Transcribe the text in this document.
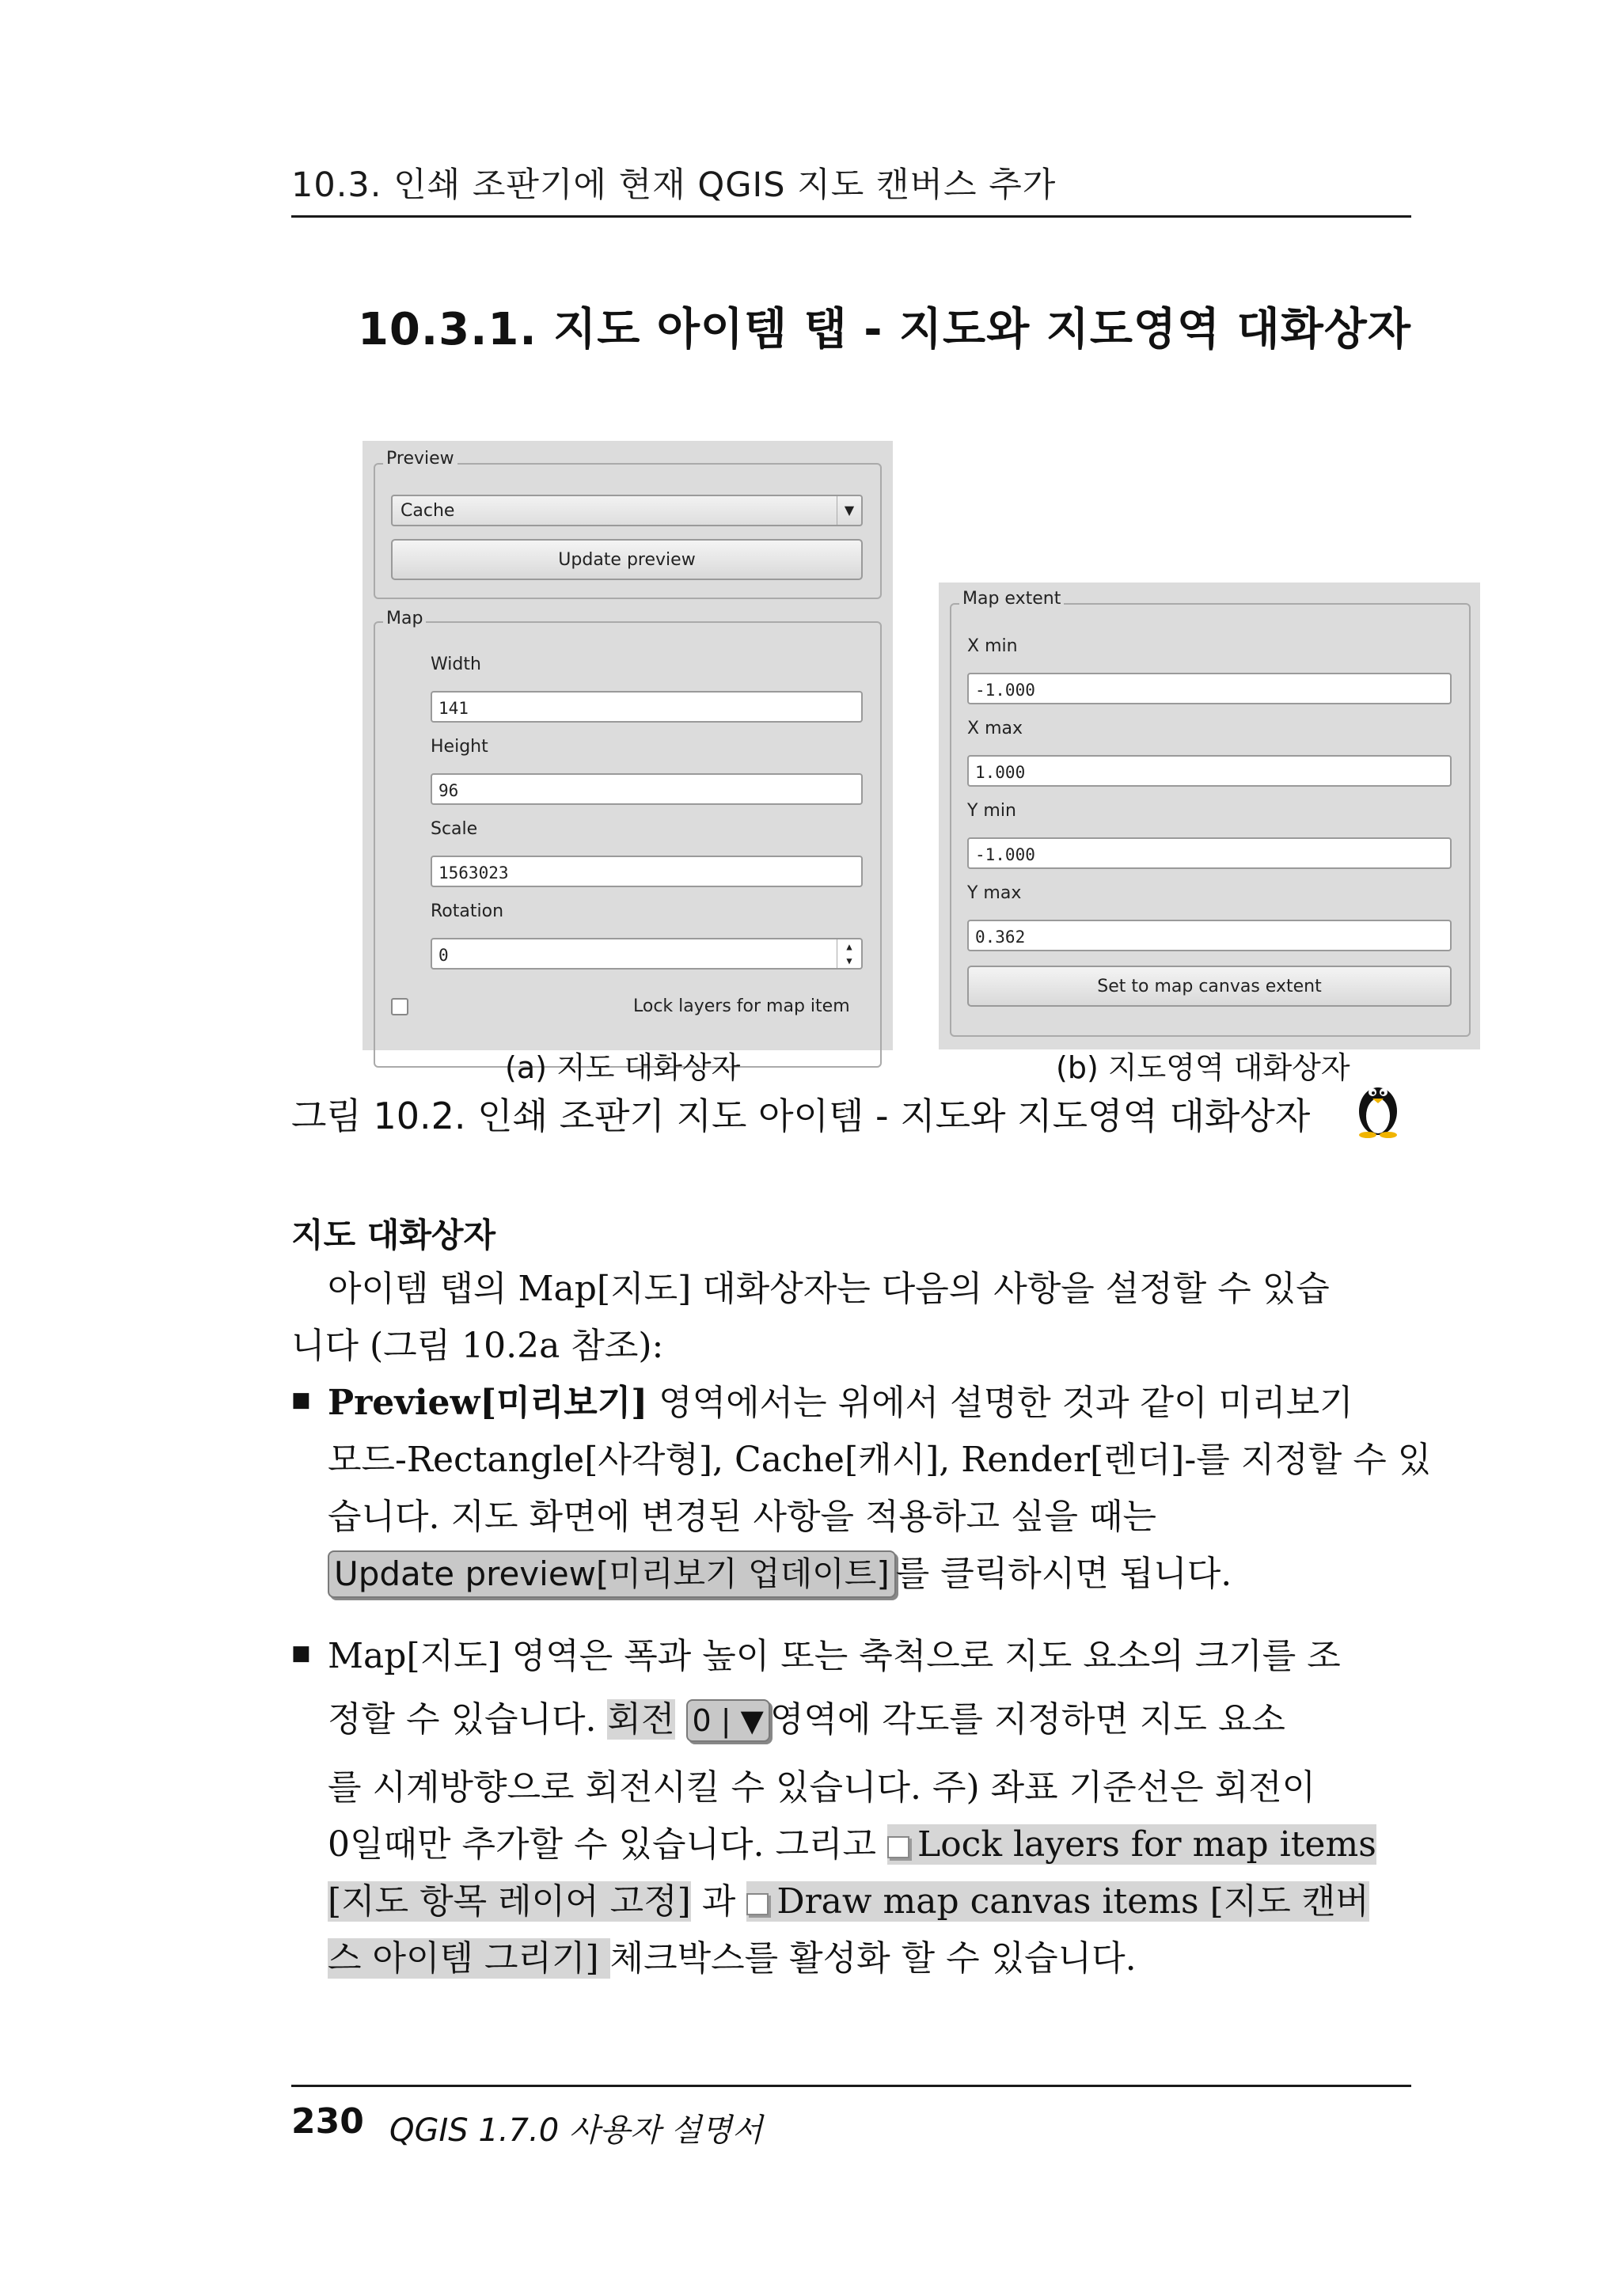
10.3. 인쇄 조판기에 현재 QGIS 지도 캔버스 추가
10.3.1. 지도 아이템 탭 - 지도와 지도영역 대화상자
Preview
Cache	▼
Update preview
Map
Width
141
Height
96
Scale
1563023
Rotation
0	▲
▼
Lock layers for map item
Map extent
X min
-1.000
X max
1.000
Y min
-1.000
Y max
0.362
Set to map canvas extent
(a) 지도 대화상자	(b) 지도영역 대화상자
그림 10.2. 인쇄 조판기 지도 아이템 - 지도와 지도영역 대화상자
지도 대화상자
아이템 탭의 Map[지도] 대화상자는 다음의 사항을 설정할 수 있습
니다 (그림 10.2a 참조):
■ Preview[미리보기] 영역에서는 위에서 설명한 것과 같이 미리보기
모드-Rectangle[사각형], Cache[캐시], Render[렌더]-를 지정할 수 있
습니다. 지도 화면에 변경된 사항을 적용하고 싶을 때는
Update preview[미리보기 업데이트] 를 클릭하시면 됩니다.
■ Map[지도] 영역은 폭과 높이 또는 축척으로 지도 요소의 크기를 조
정할 수 있습니다. 회전 0 | ▼ 영역에 각도를 지정하면 지도 요소
를 시계방향으로 회전시킬 수 있습니다. 주) 좌표 기준선은 회전이
0일때만 추가할 수 있습니다. 그리고 Lock layers for map items
[지도 항목 레이어 고정] 과 Draw map canvas items [지도 캔버
스 아이템 그리기] 체크박스를 활성화 할 수 있습니다.
230 QGIS 1.7.0 사용자 설명서
